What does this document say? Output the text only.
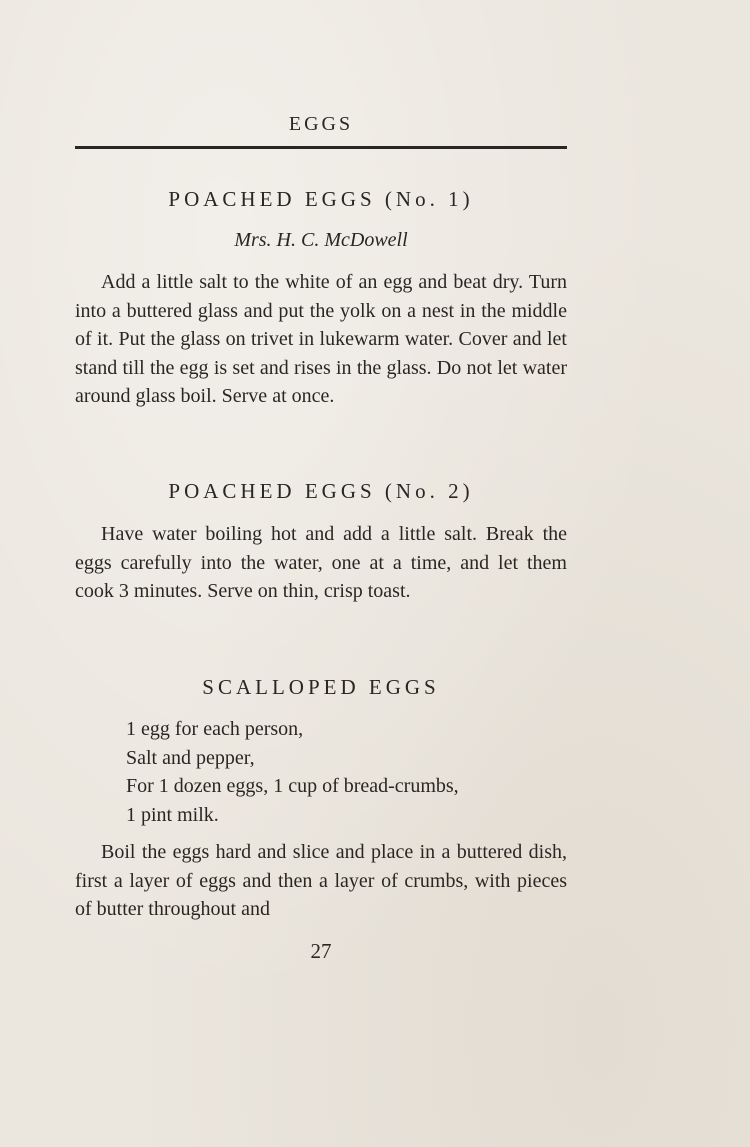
EGGS
POACHED EGGS (No. 1)
Mrs. H. C. McDowell

Add a little salt to the white of an egg and beat dry. Turn into a buttered glass and put the yolk on a nest in the middle of it. Put the glass on trivet in lukewarm water. Cover and let stand till the egg is set and rises in the glass. Do not let water around glass boil. Serve at once.

POACHED EGGS (No. 2)

Have water boiling hot and add a little salt. Break the eggs carefully into the water, one at a time, and let them cook 3 minutes. Serve on thin, crisp toast.

SCALLOPED EGGS
1 egg for each person,
Salt and pepper,
For 1 dozen eggs, 1 cup of bread-crumbs,
1 pint milk.

Boil the eggs hard and slice and place in a buttered dish, first a layer of eggs and then a layer of crumbs, with pieces of butter throughout and

27
